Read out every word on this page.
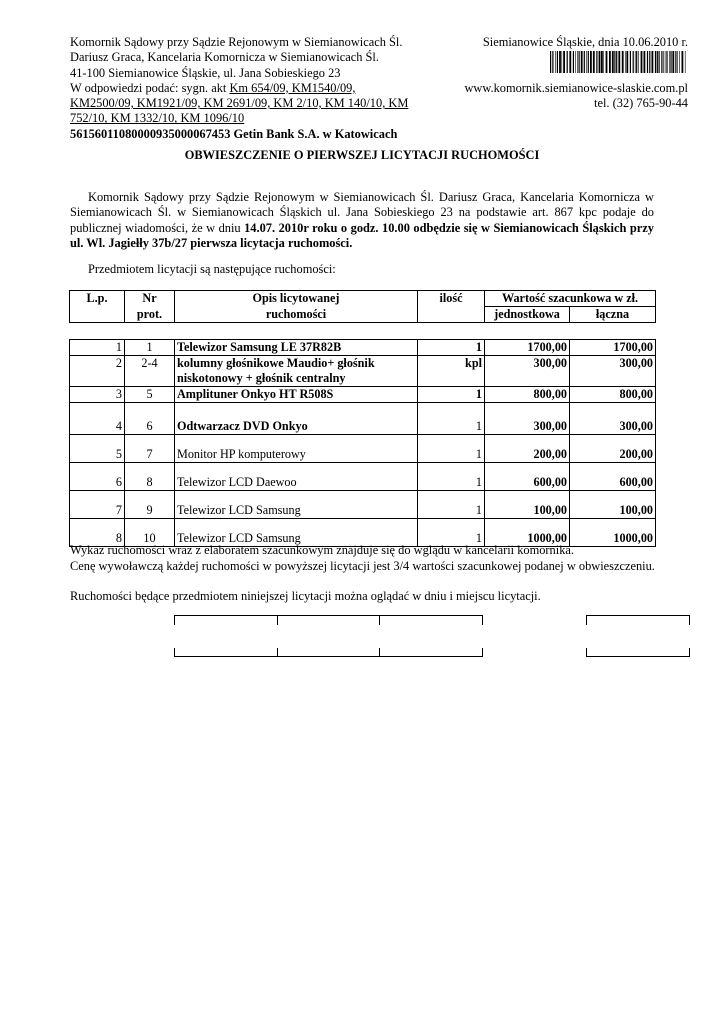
Komornik Sądowy przy Sądzie Rejonowym w Siemianowicach Śl.
Dariusz Graca, Kancelaria Komornicza w Siemianowicach Śl.
41-100 Siemianowice Śląskie, ul. Jana Sobieskiego 23
W odpowiedzi podać: sygn. akt Km 654/09, KM1540/09,
KM2500/09, KM1921/09, KM 2691/09, KM 2/10, KM 140/10, KM
752/10, KM 1332/10, KM 1096/10
56156011080000935000067453 Getin Bank S.A. w Katowicach
Siemianowice Śląskie, dnia 10.06.2010 r.
www.komornik.siemianowice-slaskie.com.pl
tel. (32) 765-90-44
OBWIESZCZENIE O PIERWSZEJ LICYTACJI RUCHOMOŚCI

Komornik Sądowy przy Sądzie Rejonowym w Siemianowicach Śl. Dariusz Graca, Kancelaria Komornicza w Siemianowicach Śl. w Siemianowicach Śląskich ul. Jana Sobieskiego 23 na podstawie art. 867 kpc podaje do publicznej wiadomości, że w dniu 14.07. 2010r roku o godz. 10.00 odbędzie się w Siemianowicach Śląskich przy ul. Wl. Jagiełły 37b/27 pierwsza licytacja ruchomości.

Przedmiotem licytacji są następujące ruchomości:
L.p.	Nr	Opis licytowanej	ilość	Wartość szacunkowa w zł.	
	prot.	ruchomości		jednostkowa	łączna
1	1	Telewizor Samsung LE 37R82B	1	1700,00	1700,00
2	2-4	kolumny głośnikowe Maudio+ głośnik niskotonowy + głośnik centralny	kpl	300,00	300,00
3	5	Amplituner Onkyo HT R508S	1	800,00	800,00
4	6	Odtwarzacz DVD Onkyo	1	300,00	300,00
5	7	Monitor HP komputerowy	1	200,00	200,00
6	8	Telewizor LCD Daewoo	1	600,00	600,00
7	9	Telewizor LCD Samsung	1	100,00	100,00
8	10	Telewizor LCD Samsung	1	1000,00	1000,00
Wykaz ruchomości wraz z elaboratem szacunkowym znajduje się do wglądu w kancelarii komornika.
Cenę wywoławczą każdej ruchomości w powyższej licytacji jest 3/4 wartości szacunkowej podanej w obwieszczeniu.
Ruchomości będące przedmiotem niniejszej licytacji można oglądać w dniu i miejscu licytacji.
